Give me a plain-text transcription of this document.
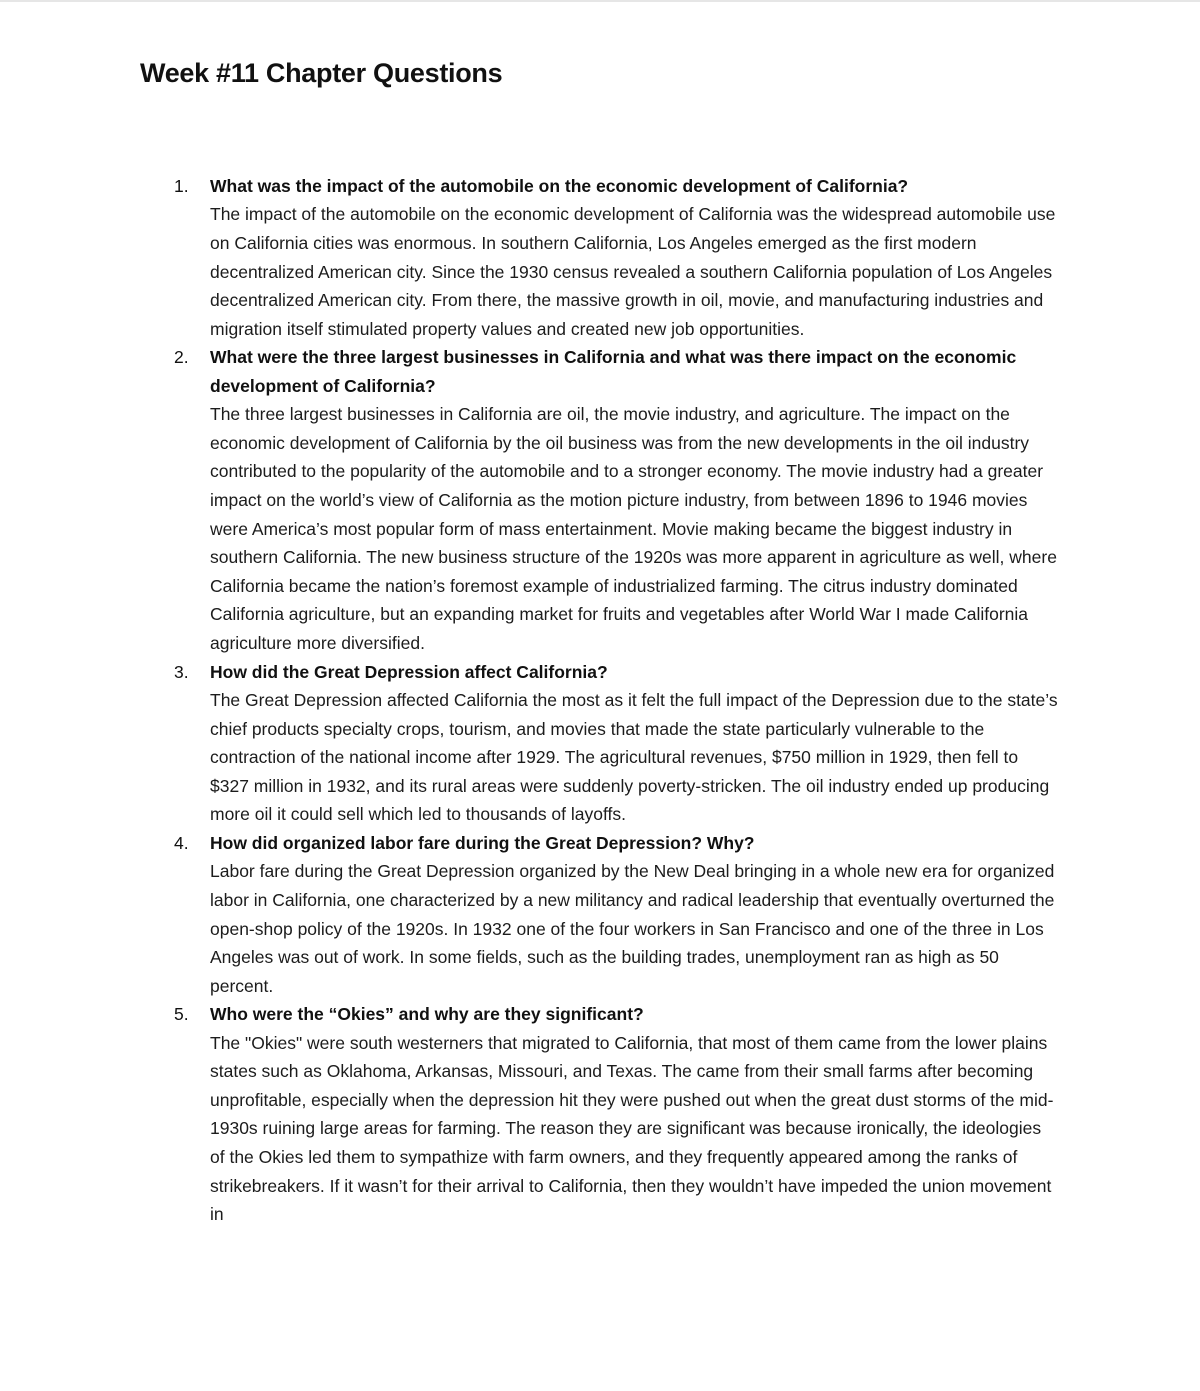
Week #11 Chapter Questions
1. What was the impact of the automobile on the economic development of California?

The impact of the automobile on the economic development of California was the widespread automobile use on California cities was enormous. In southern California, Los Angeles emerged as the first modern decentralized American city. Since the 1930 census revealed a southern California population of Los Angeles decentralized American city. From there, the massive growth in oil, movie, and manufacturing industries and migration itself stimulated property values and created new job opportunities.

2. What were the three largest businesses in California and what was there impact on the economic development of California?

The three largest businesses in California are oil, the movie industry, and agriculture. The impact on the economic development of California by the oil business was from the new developments in the oil industry contributed to the popularity of the automobile and to a stronger economy. The movie industry had a greater impact on the world’s view of California as the motion picture industry, from between 1896 to 1946 movies were America’s most popular form of mass entertainment. Movie making became the biggest industry in southern California. The new business structure of the 1920s was more apparent in agriculture as well, where California became the nation’s foremost example of industrialized farming. The citrus industry dominated California agriculture, but an expanding market for fruits and vegetables after World War I made California agriculture more diversified.

3. How did the Great Depression affect California?

The Great Depression affected California the most as it felt the full impact of the Depression due to the state’s chief products specialty crops, tourism, and movies that made the state particularly vulnerable to the contraction of the national income after 1929. The agricultural revenues, $750 million in 1929, then fell to $327 million in 1932, and its rural areas were suddenly poverty-stricken. The oil industry ended up producing more oil it could sell which led to thousands of layoffs.

4. How did organized labor fare during the Great Depression? Why?

Labor fare during the Great Depression organized by the New Deal bringing in a whole new era for organized labor in California, one characterized by a new militancy and radical leadership that eventually overturned the open-shop policy of the 1920s. In 1932 one of the four workers in San Francisco and one of the three in Los Angeles was out of work. In some fields, such as the building trades, unemployment ran as high as 50 percent.

5. Who were the “Okies” and why are they significant?

The "Okies" were south westerners that migrated to California, that most of them came from the lower plains states such as Oklahoma, Arkansas, Missouri, and Texas. The came from their small farms after becoming unprofitable, especially when the depression hit they were pushed out when the great dust storms of the mid-1930s ruining large areas for farming. The reason they are significant was because ironically, the ideologies of the Okies led them to sympathize with farm owners, and they frequently appeared among the ranks of strikebreakers. If it wasn’t for their arrival to California, then they wouldn’t have impeded the union movement in
